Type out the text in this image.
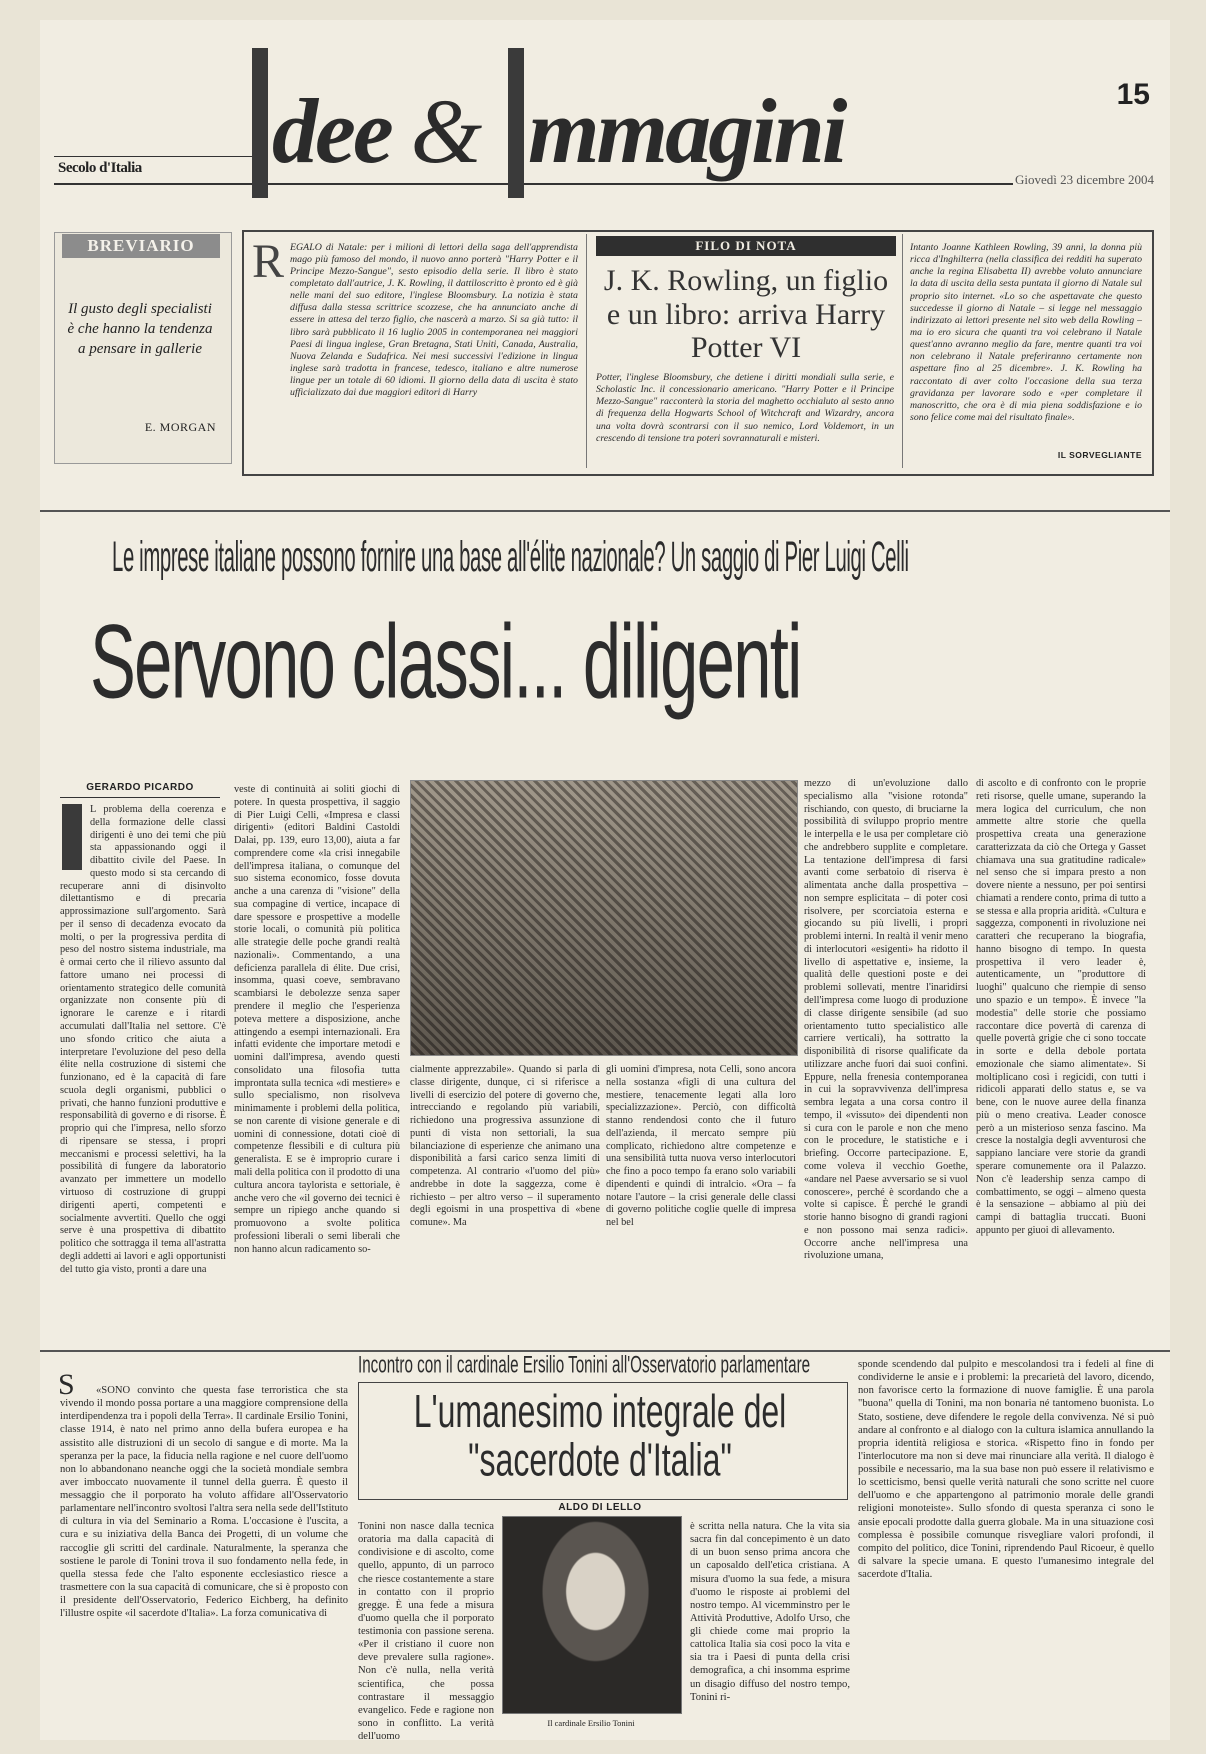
Secolo d'Italia dee & mmagini	15
Giovedì 23 dicembre 2004
BREVIARIO
Il gusto degli specialisti è che hanno la tendenza a pensare in gallerie
E. MORGAN
R EGALO di Natale: per i milioni di lettori della saga dell'apprendista mago più famoso del mondo, il nuovo anno porterà "Harry Potter e il Principe Mezzo-Sangue", sesto episodio della serie. Il libro è stato completato dall'autrice, J. K. Rowling, il dattiloscritto è pronto ed è già nelle mani del suo editore, l'inglese Bloomsbury. La notizia è stata diffusa dalla stessa scrittrice scozzese, che ha annunciato anche di essere in attesa del terzo figlio, che nascerà a marzo. Si sa già tutto: il libro sarà pubblicato il 16 luglio 2005 in contemporanea nei maggiori Paesi di lingua inglese, Gran Bretagna, Stati Uniti, Canada, Australia, Nuova Zelanda e Sudafrica. Nei mesi successivi l'edizione in lingua inglese sarà tradotta in francese, tedesco, italiano e altre numerose lingue per un totale di 60 idiomi. Il giorno della data di uscita è stato ufficializzato dai due maggiori editori di Harry
FILO DI NOTA
J. K. Rowling, un figlio e un libro: arriva Harry Potter VI
Potter, l'inglese Bloomsbury, che detiene i diritti mondiali sulla serie, e Scholastic Inc. il concessionario americano. "Harry Potter e il Principe Mezzo-Sangue" racconterà la storia del maghetto occhialuto al sesto anno di frequenza della Hogwarts School of Witchcraft and Wizardry, ancora una volta dovrà scontrarsi con il suo nemico, Lord Voldemort, in un crescendo di tensione tra poteri sovrannaturali e misteri.
Intanto Joanne Kathleen Rowling, 39 anni, la donna più ricca d'Inghilterra (nella classifica dei redditi ha superato anche la regina Elisabetta II) avrebbe voluto annunciare la data di uscita della sesta puntata il giorno di Natale sul proprio sito internet. «Lo so che aspettavate che questo succedesse il giorno di Natale – si legge nel messaggio indirizzato ai lettori presente nel sito web della Rowling – ma io ero sicura che quanti tra voi celebrano il Natale quest'anno avranno meglio da fare, mentre quanti tra voi non celebrano il Natale preferiranno certamente non aspettare fino al 25 dicembre». J. K. Rowling ha raccontato di aver colto l'occasione della sua terza gravidanza per lavorare sodo e «per completare il manoscritto, che ora è di mia piena soddisfazione e io sono felice come mai del risultato finale».
IL SORVEGLIANTE
Le imprese italiane possono fornire una base all'élite nazionale? Un saggio di Pier Luigi Celli
Servono classi... diligenti
GERARDO PICARDO
L problema della coerenza e della formazione delle classi dirigenti è uno dei temi che più sta appassionando oggi il dibattito civile del Paese. In questo modo si sta cercando di recuperare anni di disinvolto dilettantismo e di precaria approssimazione sull'argomento. Sarà per il senso di decadenza evocato da molti, o per la progressiva perdita di peso del nostro sistema industriale, ma è ormai certo che il rilievo assunto dal fattore umano nei processi di orientamento strategico delle comunità organizzate non consente più di ignorare le carenze e i ritardi accumulati dall'Italia nel settore. C'è uno sfondo critico che aiuta a interpretare l'evoluzione del peso della élite nella costruzione di sistemi che funzionano, ed è la capacità di fare scuola degli organismi, pubblici o privati, che hanno funzioni produttive e responsabilità di governo e di risorse. È proprio qui che l'impresa, nello sforzo di ripensare se stessa, i propri meccanismi e processi selettivi, ha la possibilità di fungere da laboratorio avanzato per immettere un modello virtuoso di costruzione di gruppi dirigenti aperti, competenti e socialmente avvertiti. Quello che oggi serve è una prospettiva di dibattito politico che sottragga il tema all'astratta degli addetti ai lavori e agli opportunisti del tutto gia visto, pronti a dare una
veste di continuità ai soliti giochi di potere. In questa prospettiva, il saggio di Pier Luigi Celli, «Impresa e classi dirigenti» (editori Baldini Castoldi Dalai, pp. 139, euro 13,00), aiuta a far comprendere come «la crisi innegabile dell'impresa italiana, o comunque del suo sistema economico, fosse dovuta anche a una carenza di "visione" della sua compagine di vertice, incapace di dare spessore e prospettive a modelle storie locali, o comunità più politica alle strategie delle poche grandi realtà nazionali». Commentando, a una deficienza parallela di élite. Due crisi, insomma, quasi coeve, sembravano scambiarsi le debolezze senza saper prendere il meglio che l'esperienza poteva mettere a disposizione, anche attingendo a esempi internazionali. Era infatti evidente che importare metodi e uomini dall'impresa, avendo questi consolidato una filosofia tutta improntata sulla tecnica «di mestiere» e sullo specialismo, non risolveva minimamente i problemi della politica, se non carente di visione generale e di uomini di connessione, dotati cioè di competenze flessibili e di cultura più generalista. E se è improprio curare i mali della politica con il prodotto di una cultura ancora taylorista e settoriale, è anche vero che «il governo dei tecnici è sempre un ripiego anche quando si promuovono a svolte politica professioni liberali o semi liberali che non hanno alcun radicamento so-
cialmente apprezzabile». Quando si parla di classe dirigente, dunque, ci si riferisce a livelli di esercizio del potere di governo che, intrecciando e regolando più variabili, richiedono una progressiva assunzione di punti di vista non settoriali, la sua bilanciazione di esperienze che animano una disponibilità a farsi carico senza limiti di competenza. Al contrario «l'uomo del più» andrebbe in dote la saggezza, come è richiesto – per altro verso – il superamento degli egoismi in una prospettiva di «bene comune». Ma
gli uomini d'impresa, nota Celli, sono ancora nella sostanza «figli di una cultura del mestiere, tenacemente legati alla loro specializzazione». Perciò, con difficoltà stanno rendendosi conto che il futuro dell'azienda, il mercato sempre più complicato, richiedono altre competenze e una sensibilità tutta nuova verso interlocutori che fino a poco tempo fa erano solo variabili dipendenti e quindi di intralcio. «Ora – fa notare l'autore – la crisi generale delle classi di governo politiche coglie quelle di impresa nel bel
mezzo di un'evoluzione dallo specialismo alla "visione rotonda" rischiando, con questo, di bruciarne la possibilità di sviluppo proprio mentre le interpella e le usa per completare ciò che andrebbero supplite e completare. La tentazione dell'impresa di farsi avanti come serbatoio di riserva è alimentata anche dalla prospettiva – non sempre esplicitata – di poter così risolvere, per scorciatoia esterna e giocando su più livelli, i propri problemi interni. In realtà il venir meno di interlocutori «esigenti» ha ridotto il livello di aspettative e, insieme, la qualità delle questioni poste e dei problemi sollevati, mentre l'inaridirsi dell'impresa come luogo di produzione di classe dirigente sensibile (ad suo orientamento tutto specialistico alle carriere verticali), ha sottratto la disponibilità di risorse qualificate da utilizzare anche fuori dai suoi confini. Eppure, nella frenesia contemporanea in cui la sopravvivenza dell'impresa sembra legata a una corsa contro il tempo, il «vissuto» dei dipendenti non si cura con le parole e non che meno con le procedure, le statistiche e i briefing. Occorre partecipazione. E, come voleva il vecchio Goethe, «andare nel Paese avversario se si vuol conoscere», perché è scordando che a volte si capisce. È perché le grandi storie hanno bisogno di grandi ragioni e non possono mai senza radici». Occorre anche nell'impresa una rivoluzione umana,
di ascolto e di confronto con le proprie reti risorse, quelle umane, superando la mera logica del curriculum, che non ammette altre storie che quella prospettiva creata una generazione caratterizzata da ciò che Ortega y Gasset chiamava una sua gratitudine radicale» nel senso che si impara presto a non dovere niente a nessuno, per poi sentirsi chiamati a rendere conto, prima di tutto a se stessa e alla propria aridità. «Cultura e saggezza, componenti in rivoluzione nei caratteri che recuperano la biografia, hanno bisogno di tempo. In questa prospettiva il vero leader è, autenticamente, un "produttore di luoghi" qualcuno che riempie di senso uno spazio e un tempo». È invece "la modestia" delle storie che possiamo raccontare dice povertà di carenza di quelle povertà grigie che ci sono toccate in sorte e della debole portata emozionale che siamo alimentate». Si moltiplicano così i regicidi, con tutti i ridicoli apparati dello status e, se va bene, con le nuove auree della finanza più o meno creativa. Leader conosce però a un misterioso senza fascino. Ma cresce la nostalgia degli avventurosi che sappiano lanciare vere storie da grandi sperare comunemente ora il Palazzo. Non c'è leadership senza campo di combattimento, se oggi – almeno questa è la sensazione – abbiamo al più dei campi di battaglia truccati. Buoni appunto per giuoi di allevamento.
Incontro con il cardinale Ersilio Tonini all'Osservatorio parlamentare
L'umanesimo integrale del "sacerdote d'Italia"
ALDO DI LELLO
S	«SONO convinto che questa fase terroristica che sta vivendo il mondo possa portare a una maggiore comprensione della interdipendenza tra i popoli della Terra». Il cardinale Ersilio Tonini, classe 1914, è nato nel primo anno della bufera europea e ha assistito alle distruzioni di un secolo di sangue e di morte. Ma la speranza per la pace, la fiducia nella ragione e nel cuore dell'uomo non lo abbandonano neanche oggi che la società mondiale sembra aver imboccato nuovamente il tunnel della guerra. È questo il messaggio che il porporato ha voluto affidare all'Osservatorio parlamentare nell'incontro svoltosi l'altra sera nella sede dell'Istituto di cultura in via del Seminario a Roma. L'occasione è l'uscita, a cura e su iniziativa della Banca dei Progetti, di un volume che raccoglie gli scritti del cardinale. Naturalmente, la speranza che sostiene le parole di Tonini trova il suo fondamento nella fede, in quella stessa fede che l'alto esponente ecclesiastico riesce a trasmettere con la sua capacità di comunicare, che si è proposto con il presidente dell'Osservatorio, Federico Eichberg, ha definito l'illustre ospite «il sacerdote d'Italia». La forza comunicativa di
Tonini non nasce dalla tecnica oratoria ma dalla capacità di condivisione e di ascolto, come quello, appunto, di un parroco che riesce costantemente a stare in contatto con il proprio gregge. È una fede a misura d'uomo quella che il porporato testimonia con passione serena. «Per il cristiano il cuore non deve prevalere sulla ragione». Non c'è nulla, nella verità scientifica, che possa contrastare il messaggio evangelico. Fede e ragione non sono in conflitto. La verità dell'uomo
Il cardinale Ersilio Tonini
è scritta nella natura. Che la vita sia sacra fin dal concepimento è un dato di un buon senso prima ancora che un caposaldo dell'etica cristiana. A misura d'uomo la sua fede, a misura d'uomo le risposte ai problemi del nostro tempo. Al vicemminstro per le Attività Produttive, Adolfo Urso, che gli chiede come mai proprio la cattolica Italia sia così poco la vita e sia tra i Paesi di punta della crisi demografica, a chi insomma esprime un disagio diffuso del nostro tempo, Tonini ri-
sponde scendendo dal pulpito e mescolandosi tra i fedeli al fine di condividerne le ansie e i problemi: la precarietà del lavoro, dicendo, non favorisce certo la formazione di nuove famiglie. È una parola "buona" quella di Tonini, ma non bonaria né tantomeno buonista. Lo Stato, sostiene, deve difendere le regole della convivenza. Né si può andare al confronto e al dialogo con la cultura islamica annullando la propria identità religiosa e storica. «Rispetto fino in fondo per l'interlocutore ma non si deve mai rinunciare alla verità. Il dialogo è possibile e necessario, ma la sua base non può essere il relativismo e lo scetticismo, bensì quelle verità naturali che sono scritte nel cuore dell'uomo e che appartengono al patrimonio morale delle grandi religioni monoteiste». Sullo sfondo di questa speranza ci sono le ansie epocali prodotte dalla guerra globale. Ma in una situazione così complessa è possibile comunque risvegliare valori profondi, il compito del politico, dice Tonini, riprendendo Paul Ricoeur, è quello di salvare la specie umana. E questo l'umanesimo integrale del sacerdote d'Italia.
